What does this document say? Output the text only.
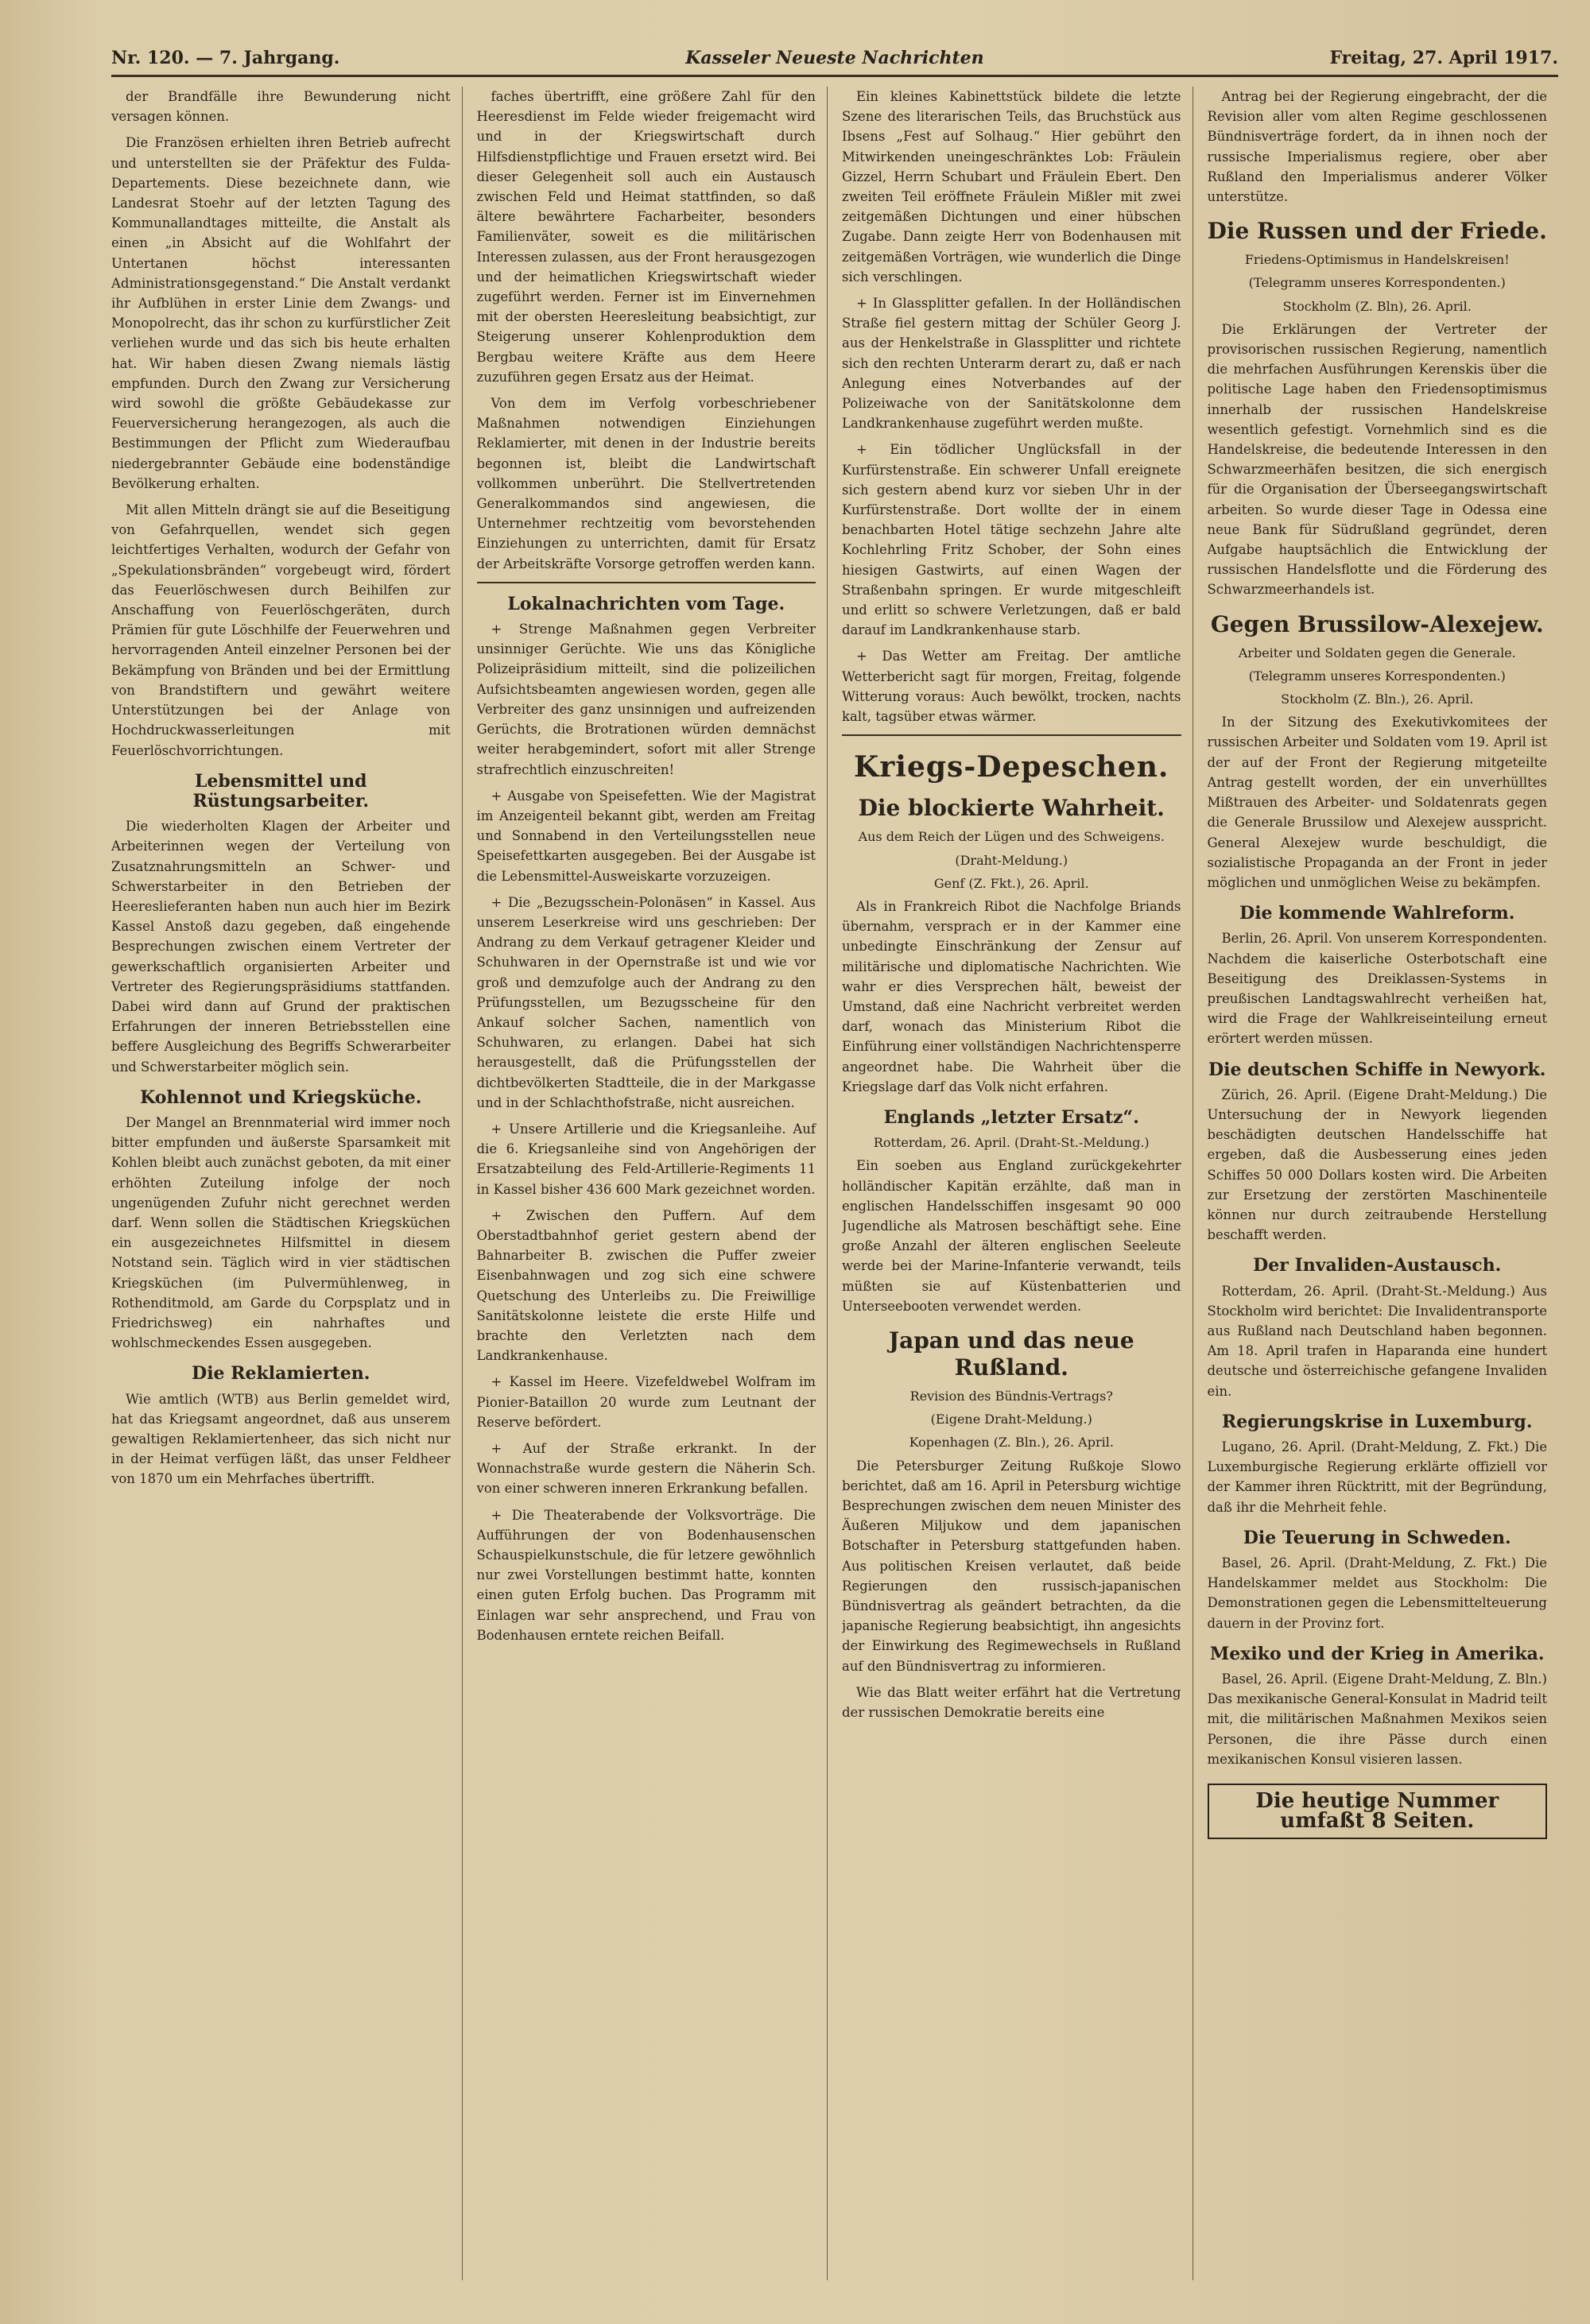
Nr. 120. — 7. Jahrgang.	Kasseler Neueste Nachrichten	Freitag, 27. April 1917.

der Brandfälle ihre Bewunderung nicht versagen können.

Die Französen erhielten ihren Betrieb aufrecht und unterstellten sie der Präfektur des Fulda-Departements. Diese bezeichnete dann, wie Landesrat Stoehr auf der letzten Tagung des Kommunallandtages mitteilte, die Anstalt als einen „in Absicht auf die Wohlfahrt der Untertanen höchst interessanten Administrationsgegenstand.“ Die Anstalt verdankt ihr Aufblühen in erster Linie dem Zwangs- und Monopolrecht, das ihr schon zu kurfürstlicher Zeit verliehen wurde und das sich bis heute erhalten hat. Wir haben diesen Zwang niemals lästig empfunden. Durch den Zwang zur Versicherung wird sowohl die größte Gebäudekasse zur Feuerversicherung herangezogen, als auch die Bestimmungen der Pflicht zum Wiederaufbau niedergebrannter Gebäude eine bodenständige Bevölkerung erhalten.

Mit allen Mitteln drängt sie auf die Beseitigung von Gefahrquellen, wendet sich gegen leichtfertiges Verhalten, wodurch der Gefahr von „Spekulationsbränden“ vorgebeugt wird, fördert das Feuerlöschwesen durch Beihilfen zur Anschaffung von Feuerlöschgeräten, durch Prämien für gute Löschhilfe der Feuerwehren und hervorragenden Anteil einzelner Personen bei der Bekämpfung von Bränden und bei der Ermittlung von Brandstiftern und gewährt weitere Unterstützungen bei der Anlage von Hochdruckwasserleitungen mit Feuerlöschvorrichtungen.

Lebensmittel und Rüstungsarbeiter.

Die wiederholten Klagen der Arbeiter und Arbeiterinnen wegen der Verteilung von Zusatznahrungsmitteln an Schwer- und Schwerstarbeiter in den Betrieben der Heereslieferanten haben nun auch hier im Bezirk Kassel Anstoß dazu gegeben, daß eingehende Besprechungen zwischen einem Vertreter der gewerkschaftlich organisierten Arbeiter und Vertreter des Regierungspräsidiums stattfanden. Dabei wird dann auf Grund der praktischen Erfahrungen der inneren Betriebsstellen eine beffere Ausgleichung des Begriffs Schwerarbeiter und Schwerstarbeiter möglich sein.

Kohlennot und Kriegsküche.

Der Mangel an Brennmaterial wird immer noch bitter empfunden und äußerste Sparsamkeit mit Kohlen bleibt auch zunächst geboten, da mit einer erhöhten Zuteilung infolge der noch ungenügenden Zufuhr nicht gerechnet werden darf. Wenn sollen die Städtischen Kriegsküchen ein ausgezeichnetes Hilfsmittel in diesem Notstand sein. Täglich wird in vier städtischen Kriegsküchen (im Pulvermühlenweg, in Rothenditmold, am Garde du Corpsplatz und in Friedrichsweg) ein nahrhaftes und wohlschmeckendes Essen ausgegeben.

Die Reklamierten.

Wie amtlich (WTB) aus Berlin gemeldet wird, hat das Kriegsamt angeordnet, daß aus unserem gewaltigen Reklamiertenheer, das sich nicht nur in der Heimat verfügen läßt, das unser Feldheer von 1870 um ein Mehrfaches übertrifft.

faches übertrifft, eine größere Zahl für den Heeresdienst im Felde wieder freigemacht wird und in der Kriegswirtschaft durch Hilfsdienstpflichtige und Frauen ersetzt wird. Bei dieser Gelegenheit soll auch ein Austausch zwischen Feld und Heimat stattfinden, so daß ältere bewährtere Facharbeiter, besonders Familienväter, soweit es die militärischen Interessen zulassen, aus der Front herausgezogen und der heimatlichen Kriegswirtschaft wieder zugeführt werden. Ferner ist im Einvernehmen mit der obersten Heeresleitung beabsichtigt, zur Steigerung unserer Kohlenproduktion dem Bergbau weitere Kräfte aus dem Heere zuzuführen gegen Ersatz aus der Heimat.

Von dem im Verfolg vorbeschriebener Maßnahmen notwendigen Einziehungen Reklamierter, mit denen in der Industrie bereits begonnen ist, bleibt die Landwirtschaft vollkommen unberührt. Die Stellvertretenden Generalkommandos sind angewiesen, die Unternehmer rechtzeitig vom bevorstehenden Einziehungen zu unterrichten, damit für Ersatz der Arbeitskräfte Vorsorge getroffen werden kann.

Lokalnachrichten vom Tage.

+ Strenge Maßnahmen gegen Verbreiter unsinniger Gerüchte. Wie uns das Königliche Polizeipräsidium mitteilt, sind die polizeilichen Aufsichtsbeamten angewiesen worden, gegen alle Verbreiter des ganz unsinnigen und aufreizenden Gerüchts, die Brotrationen würden demnächst weiter herabgemindert, sofort mit aller Strenge strafrechtlich einzuschreiten!

+ Ausgabe von Speisefetten. Wie der Magistrat im Anzeigenteil bekannt gibt, werden am Freitag und Sonnabend in den Verteilungsstellen neue Speisefettkarten ausgegeben. Bei der Ausgabe ist die Lebensmittel-Ausweiskarte vorzuzeigen.

+ Die „Bezugsschein-Polonäsen“ in Kassel. Aus unserem Leserkreise wird uns geschrieben: Der Andrang zu dem Verkauf getragener Kleider und Schuhwaren in der Opernstraße ist und wie vor groß und demzufolge auch der Andrang zu den Prüfungsstellen, um Bezugsscheine für den Ankauf solcher Sachen, namentlich von Schuhwaren, zu erlangen. Dabei hat sich herausgestellt, daß die Prüfungsstellen der dichtbevölkerten Stadtteile, die in der Markgasse und in der Schlachthofstraße, nicht ausreichen.

+ Unsere Artillerie und die Kriegsanleihe. Auf die 6. Kriegsanleihe sind von Angehörigen der Ersatzabteilung des Feld-Artillerie-Regiments 11 in Kassel bisher 436 600 Mark gezeichnet worden.

+ Zwischen den Puffern. Auf dem Oberstadtbahnhof geriet gestern abend der Bahnarbeiter B. zwischen die Puffer zweier Eisenbahnwagen und zog sich eine schwere Quetschung des Unterleibs zu. Die Freiwillige Sanitätskolonne leistete die erste Hilfe und brachte den Verletzten nach dem Landkrankenhause.

+ Kassel im Heere. Vizefeldwebel Wolfram im Pionier-Bataillon 20 wurde zum Leutnant der Reserve befördert.

+ Auf der Straße erkrankt. In der Wonnachstraße wurde gestern die Näherin Sch. von einer schweren inneren Erkrankung befallen.

+ Die Theaterabende der Volksvorträge. Die Aufführungen der von Bodenhausenschen Schauspielkunstschule, die für letzere gewöhnlich nur zwei Vorstellungen bestimmt hatte, konnten einen guten Erfolg buchen. Das Programm mit Einlagen war sehr ansprechend, und Frau von Bodenhausen erntete reichen Beifall.

Ein kleines Kabinettstück bildete die letzte Szene des literarischen Teils, das Bruchstück aus Ibsens „Fest auf Solhaug.“ Hier gebührt den Mitwirkenden uneingeschränktes Lob: Fräulein Gizzel, Herrn Schubart und Fräulein Ebert. Den zweiten Teil eröffnete Fräulein Mißler mit zwei zeitgemäßen Dichtungen und einer hübschen Zugabe. Dann zeigte Herr von Bodenhausen mit zeitgemäßen Vorträgen, wie wunderlich die Dinge sich verschlingen.

+ In Glassplitter gefallen. In der Holländischen Straße fiel gestern mittag der Schüler Georg J. aus der Henkelstraße in Glassplitter und richtete sich den rechten Unterarm derart zu, daß er nach Anlegung eines Notverbandes auf der Polizeiwache von der Sanitätskolonne dem Landkrankenhause zugeführt werden mußte.

+ Ein tödlicher Unglücksfall in der Kurfürstenstraße. Ein schwerer Unfall ereignete sich gestern abend kurz vor sieben Uhr in der Kurfürstenstraße. Dort wollte der in einem benachbarten Hotel tätige sechzehn Jahre alte Kochlehrling Fritz Schober, der Sohn eines hiesigen Gastwirts, auf einen Wagen der Straßenbahn springen. Er wurde mitgeschleift und erlitt so schwere Verletzungen, daß er bald darauf im Landkrankenhause starb.

+ Das Wetter am Freitag. Der amtliche Wetterbericht sagt für morgen, Freitag, folgende Witterung voraus: Auch bewölkt, trocken, nachts kalt, tagsüber etwas wärmer.

Kriegs-Depeschen.
Die blockierte Wahrheit.
Aus dem Reich der Lügen und des Schweigens.
(Draht-Meldung.)
Genf (Z. Fkt.), 26. April.

Als in Frankreich Ribot die Nachfolge Briands übernahm, versprach er in der Kammer eine unbedingte Einschränkung der Zensur auf militärische und diplomatische Nachrichten. Wie wahr er dies Versprechen hält, beweist der Umstand, daß eine Nachricht verbreitet werden darf, wonach das Ministerium Ribot die Einführung einer vollständigen Nachrichtensperre angeordnet habe. Die Wahrheit über die Kriegslage darf das Volk nicht erfahren.

Englands „letzter Ersatz“.
Rotterdam, 26. April. (Draht-St.-Meldung.)

Ein soeben aus England zurückgekehrter holländischer Kapitän erzählte, daß man in englischen Handelsschiffen insgesamt 90 000 Jugendliche als Matrosen beschäftigt sehe. Eine große Anzahl der älteren englischen Seeleute werde bei der Marine-Infanterie verwandt, teils müßten sie auf Küstenbatterien und Unterseebooten verwendet werden.

Japan und das neue Rußland.
Revision des Bündnis-Vertrags?
(Eigene Draht-Meldung.)
Kopenhagen (Z. Bln.), 26. April.

Die Petersburger Zeitung Rußkoje Slowo berichtet, daß am 16. April in Petersburg wichtige Besprechungen zwischen dem neuen Minister des Äußeren Miljukow und dem japanischen Botschafter in Petersburg stattgefunden haben. Aus politischen Kreisen verlautet, daß beide Regierungen den russisch-japanischen Bündnisvertrag als geändert betrachten, da die japanische Regierung beabsichtigt, ihn angesichts der Einwirkung des Regimewechsels in Rußland auf den Bündnisvertrag zu informieren.

Wie das Blatt weiter erfährt hat die Vertretung der russischen Demokratie bereits eine

Antrag bei der Regierung eingebracht, der die Revision aller vom alten Regime geschlossenen Bündnisverträge fordert, da in ihnen noch der russische Imperialismus regiere, ober aber Rußland den Imperialismus anderer Völker unterstütze.

Die Russen und der Friede.
Friedens-Optimismus in Handelskreisen!
(Telegramm unseres Korrespondenten.)
Stockholm (Z. Bln), 26. April.

Die Erklärungen der Vertreter der provisorischen russischen Regierung, namentlich die mehrfachen Ausführungen Kerenskis über die politische Lage haben den Friedensoptimismus innerhalb der russischen Handelskreise wesentlich gefestigt. Vornehmlich sind es die Handelskreise, die bedeutende Interessen in den Schwarzmeerhäfen besitzen, die sich energisch für die Organisation der Überseegangswirtschaft arbeiten. So wurde dieser Tage in Odessa eine neue Bank für Südrußland gegründet, deren Aufgabe hauptsächlich die Entwicklung der russischen Handelsflotte und die Förderung des Schwarzmeerhandels ist.

Gegen Brussilow-Alexejew.
Arbeiter und Soldaten gegen die Generale.
(Telegramm unseres Korrespondenten.)
Stockholm (Z. Bln.), 26. April.

In der Sitzung des Exekutivkomitees der russischen Arbeiter und Soldaten vom 19. April ist der auf der Front der Regierung mitgeteilte Antrag gestellt worden, der ein unverhülltes Mißtrauen des Arbeiter- und Soldatenrats gegen die Generale Brussilow und Alexejew ausspricht. General Alexejew wurde beschuldigt, die sozialistische Propaganda an der Front in jeder möglichen und unmöglichen Weise zu bekämpfen.

Die kommende Wahlreform.

Berlin, 26. April. Von unserem Korrespondenten. Nachdem die kaiserliche Osterbotschaft eine Beseitigung des Dreiklassen-Systems in preußischen Landtagswahlrecht verheißen hat, wird die Frage der Wahlkreiseinteilung erneut erörtert werden müssen.

Die deutschen Schiffe in Newyork.

Zürich, 26. April. (Eigene Draht-Meldung.) Die Untersuchung der in Newyork liegenden beschädigten deutschen Handelsschiffe hat ergeben, daß die Ausbesserung eines jeden Schiffes 50 000 Dollars kosten wird. Die Arbeiten zur Ersetzung der zerstörten Maschinenteile können nur durch zeitraubende Herstellung beschafft werden.

Der Invaliden-Austausch.

Rotterdam, 26. April. (Draht-St.-Meldung.) Aus Stockholm wird berichtet: Die Invalidentransporte aus Rußland nach Deutschland haben begonnen. Am 18. April trafen in Haparanda eine hundert deutsche und österreichische gefangene Invaliden ein.

Regierungskrise in Luxemburg.

Lugano, 26. April. (Draht-Meldung, Z. Fkt.) Die Luxemburgische Regierung erklärte offiziell vor der Kammer ihren Rücktritt, mit der Begründung, daß ihr die Mehrheit fehle.

Die Teuerung in Schweden.

Basel, 26. April. (Draht-Meldung, Z. Fkt.) Die Handelskammer meldet aus Stockholm: Die Demonstrationen gegen die Lebensmittelteuerung dauern in der Provinz fort.

Mexiko und der Krieg in Amerika.

Basel, 26. April. (Eigene Draht-Meldung, Z. Bln.) Das mexikanische General-Konsulat in Madrid teilt mit, die militärischen Maßnahmen Mexikos seien Personen, die ihre Pässe durch einen mexikanischen Konsul visieren lassen.

Die heutige Nummer umfaßt 8 Seiten.
